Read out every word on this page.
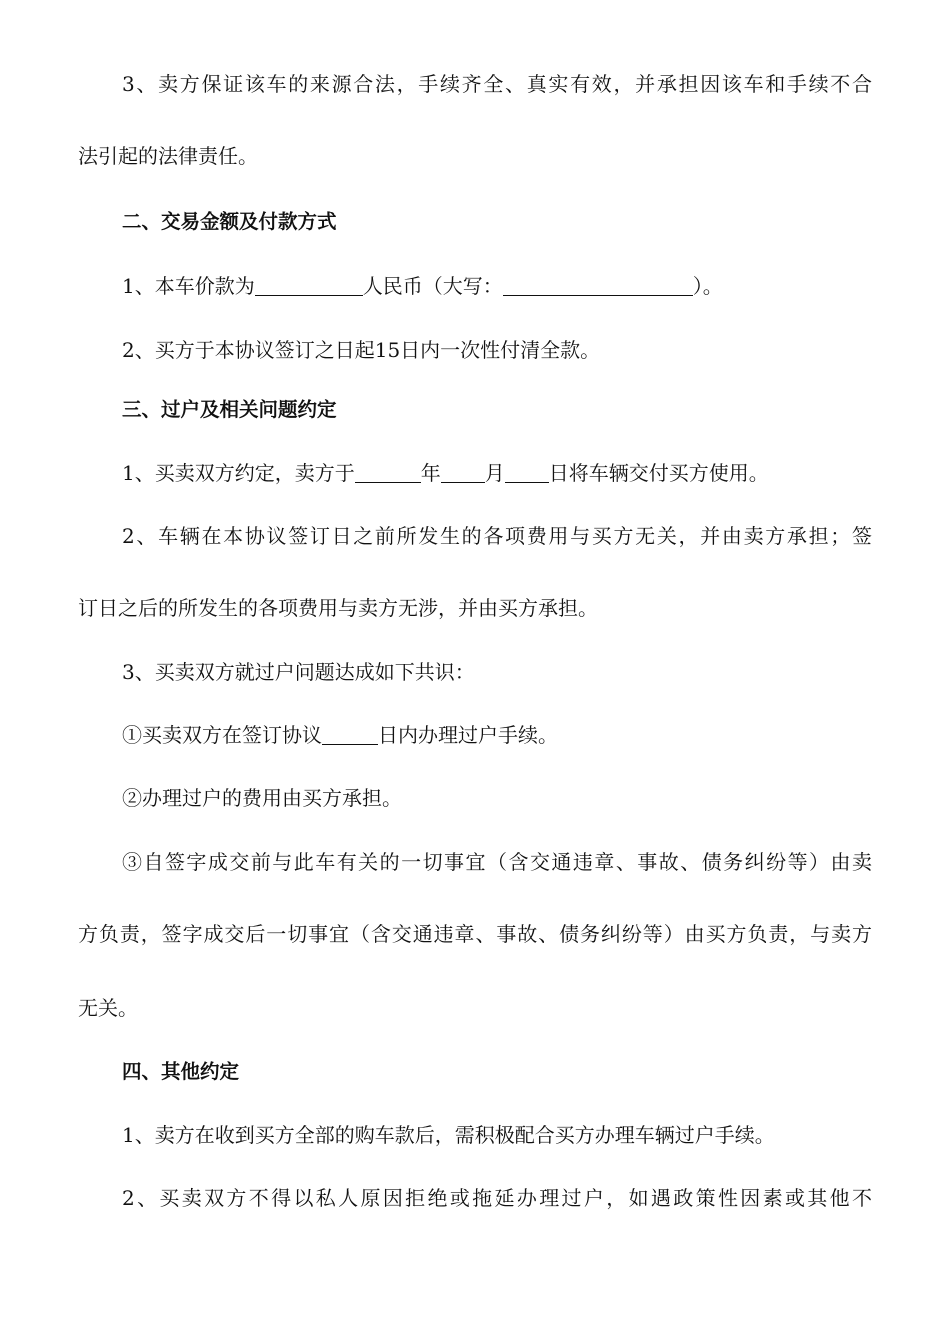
3、卖方保证该车的来源合法，手续齐全、真实有效，并承担因该车和手续不合

法引起的法律责任。

二、交易金额及付款方式

1、本车价款为	人民币（大写：	）。

2、买方于本协议签订之日起15日内一次性付清全款。

三、过户及相关问题约定

1、买卖双方约定，卖方于	年 月 日将车辆交付买方使用。

2、车辆在本协议签订日之前所发生的各项费用与买方无关，并由卖方承担；签

订日之后的所发生的各项费用与卖方无涉，并由买方承担。

3、买卖双方就过户问题达成如下共识：

①买卖双方在签订协议	日内办理过户手续。

②办理过户的费用由买方承担。

③自签字成交前与此车有关的一切事宜（含交通违章、事故、债务纠纷等）由卖

方负责，签字成交后一切事宜（含交通违章、事故、债务纠纷等）由买方负责，与卖方

无关。

四、其他约定

1、卖方在收到买方全部的购车款后，需积极配合买方办理车辆过户手续。

2、买卖双方不得以私人原因拒绝或拖延办理过户，如遇政策性因素或其他不
